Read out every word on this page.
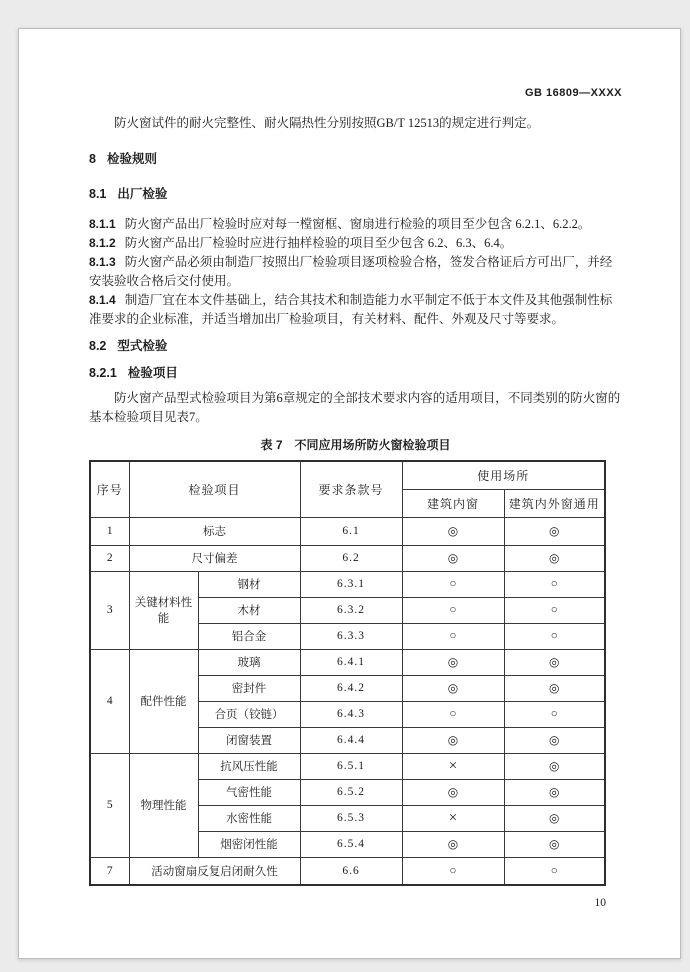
GB 16809—XXXX

防火窗试件的耐火完整性、耐火隔热性分别按照GB/T 12513的规定进行判定。

8 检验规则
8.1 出厂检验

8.1.1 防火窗产品出厂检验时应对每一樘窗框、窗扇进行检验的项目至少包含 6.2.1、6.2.2。

8.1.2 防火窗产品出厂检验时应进行抽样检验的项目至少包含 6.2、6.3、6.4。

8.1.3 防火窗产品必须由制造厂按照出厂检验项目逐项检验合格，签发合格证后方可出厂，并经安装验收合格后交付使用。

8.1.4 制造厂宜在本文件基础上，结合其技术和制造能力水平制定不低于本文件及其他强制性标准要求的企业标准，并适当增加出厂检验项目，有关材料、配件、外观及尺寸等要求。

8.2 型式检验
8.2.1 检验项目

防火窗产品型式检验项目为第6章规定的全部技术要求内容的适用项目，不同类别的防火窗的基本检验项目见表7。

表 7 不同应用场所防火窗检验项目
序号	检验项目		要求条款号	使用场所	
				建筑内窗	建筑内外窗通用
1	标志		6.1	◎	◎
2	尺寸偏差		6.2	◎	◎
3	关键材料性能	钢材	6.3.1	○	○
		木材	6.3.2	○	○
		铝合金	6.3.3	○	○
4	配件性能	玻璃	6.4.1	◎	◎
		密封件	6.4.2	◎	◎
		合页（铰链）	6.4.3	○	○
		闭窗装置	6.4.4	◎	◎
5	物理性能	抗风压性能	6.5.1	×	◎
		气密性能	6.5.2	◎	◎
		水密性能	6.5.3	×	◎
		烟密闭性能	6.5.4	◎	◎
7	活动窗扇反复启闭耐久性		6.6	○	○
10
